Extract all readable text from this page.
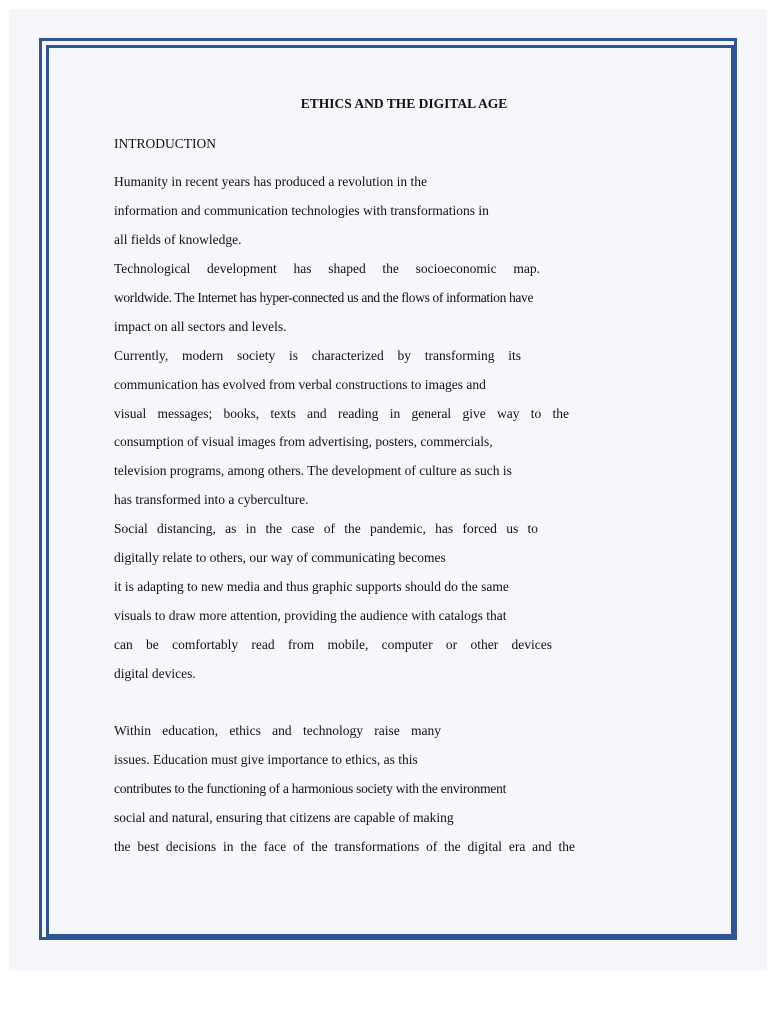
ETHICS AND THE DIGITAL AGE
INTRODUCTION
Humanity in recent years has produced a revolution in the
information and communication technologies with transformations in
all fields of knowledge.
Technological development has shaped the socioeconomic map.
worldwide. The Internet has hyper-connected us and the flows of information have
impact on all sectors and levels.
Currently, modern society is characterized by transforming its
communication has evolved from verbal constructions to images and
visual messages; books, texts and reading in general give way to the
consumption of visual images from advertising, posters, commercials,
television programs, among others. The development of culture as such is
has transformed into a cyberculture.
Social distancing, as in the case of the pandemic, has forced us to
digitally relate to others, our way of communicating becomes
it is adapting to new media and thus graphic supports should do the same
visuals to draw more attention, providing the audience with catalogs that
can be comfortably read from mobile, computer or other devices
digital devices.
Within education, ethics and technology raise many
issues. Education must give importance to ethics, as this
contributes to the functioning of a harmonious society with the environment
social and natural, ensuring that citizens are capable of making
the best decisions in the face of the transformations of the digital era and the
